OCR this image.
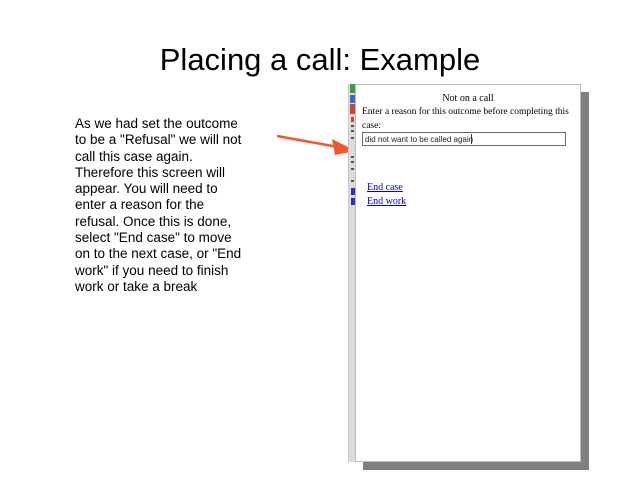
Placing a call: Example
As we had set the outcome
to be a "Refusal" we will not
call this case again.
Therefore this screen will
appear. You will need to
enter a reason for the
refusal. Once this is done,
select "End case" to move
on to the next case, or "End
work" if you need to finish
work or take a break
Not on a call
Enter a reason for this outcome before completing this
case:
did not want to be called again
End case
End work
